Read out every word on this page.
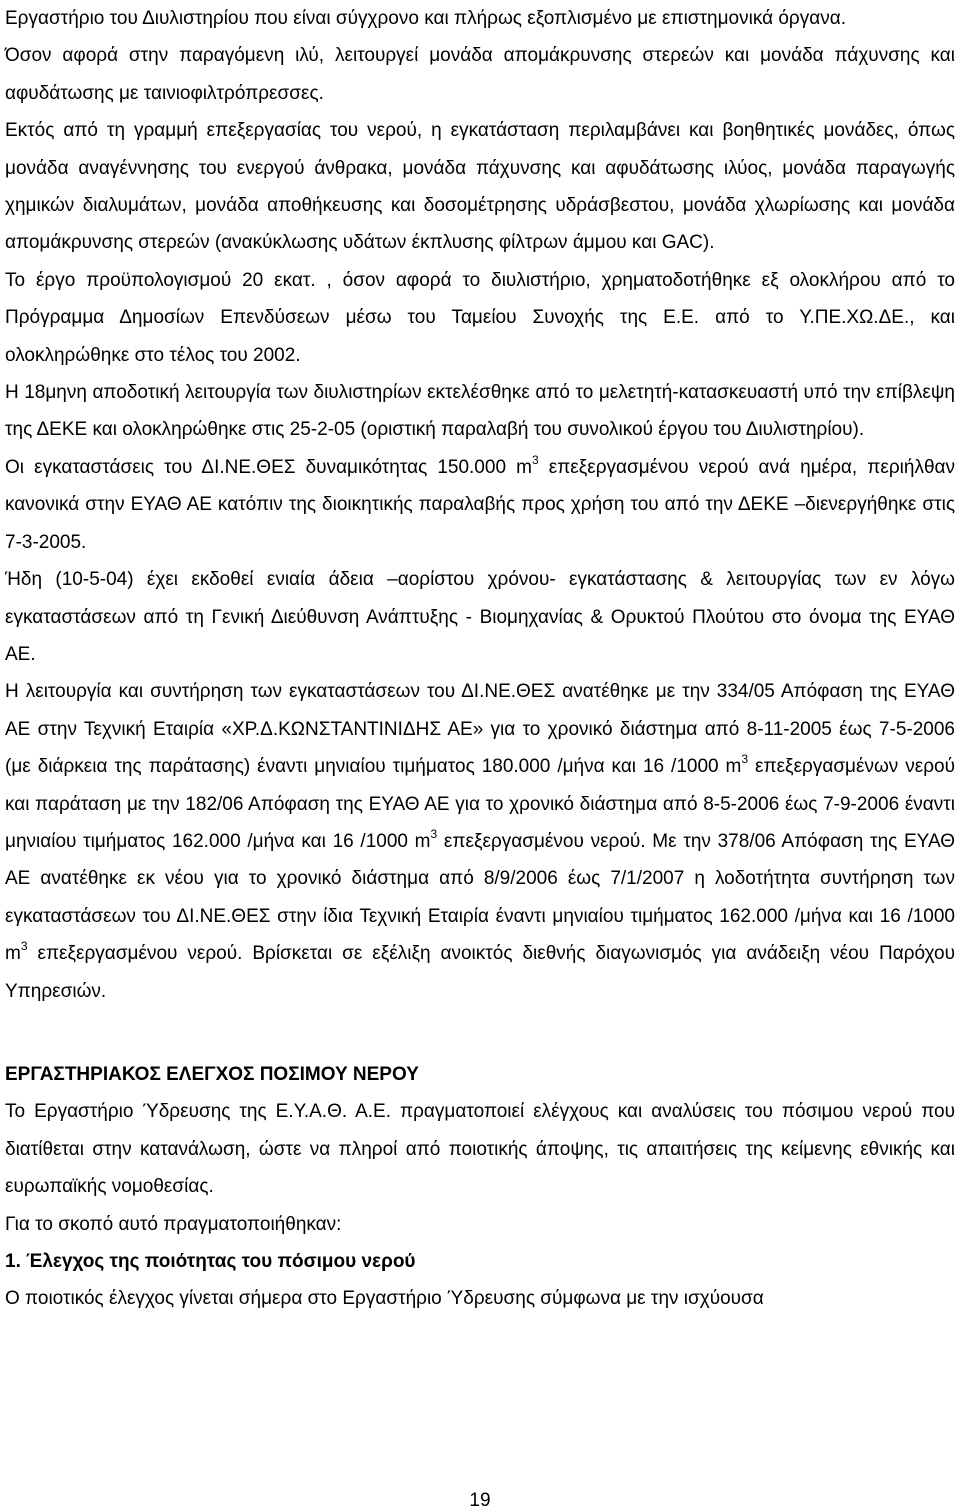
Εργαστήριο του Διυλιστηρίου που είναι σύγχρονο και πλήρως εξοπλισμένο με επιστημονικά όργανα.

Όσον αφορά στην παραγόμενη ιλύ, λειτουργεί μονάδα απομάκρυνσης στερεών και μονάδα πάχυνσης και αφυδάτωσης με ταινιοφιλτρόπρεσσες.

Εκτός από τη γραμμή επεξεργασίας του νερού, η εγκατάσταση περιλαμβάνει και βοηθητικές μονάδες, όπως μονάδα αναγέννησης του ενεργού άνθρακα, μονάδα πάχυνσης και αφυδάτωσης ιλύος, μονάδα παραγωγής χημικών διαλυμάτων, μονάδα αποθήκευσης και δοσομέτρησης υδράσβεστου, μονάδα χλωρίωσης και μονάδα απομάκρυνσης στερεών (ανακύκλωσης υδάτων έκπλυσης φίλτρων άμμου και GAC).

Το έργο προϋπολογισμού 20 εκατ. , όσον αφορά το διυλιστήριο, χρηματοδοτήθηκε εξ ολοκλήρου από το Πρόγραμμα Δημοσίων Επενδύσεων μέσω του Ταμείου Συνοχής της Ε.Ε. από το Υ.ΠΕ.ΧΩ.ΔΕ., και ολοκληρώθηκε στο τέλος του 2002.

Η 18μηνη αποδοτική λειτουργία των διυλιστηρίων εκτελέσθηκε από το μελετητή-κατασκευαστή υπό την επίβλεψη της ΔΕΚΕ και ολοκληρώθηκε στις 25-2-05 (οριστική παραλαβή του συνολικού έργου του Διυλιστηρίου).

Οι εγκαταστάσεις του ΔΙ.ΝΕ.ΘΕΣ δυναμικότητας 150.000 $m^3$ επεξεργασμένου νερού ανά ημέρα, περιήλθαν κανονικά στην ΕΥΑΘ ΑΕ κατόπιν της διοικητικής παραλαβής προς χρήση του από την ΔΕΚΕ –διενεργήθηκε στις 7-3-2005.

Ήδη (10-5-04) έχει εκδοθεί ενιαία άδεια –αορίστου χρόνου- εγκατάστασης & λειτουργίας των εν λόγω εγκαταστάσεων από τη Γενική Διεύθυνση Ανάπτυξης - Βιομηχανίας & Ορυκτού Πλούτου στο όνομα της ΕΥΑΘ ΑΕ.

Η λειτουργία και συντήρηση των εγκαταστάσεων του ΔΙ.ΝΕ.ΘΕΣ ανατέθηκε με την 334/05 Απόφαση της ΕΥΑΘ ΑΕ στην Τεχνική Εταιρία «ΧΡ.Δ.ΚΩΝΣΤΑΝΤΙΝΙΔΗΣ ΑΕ» για το χρονικό διάστημα από 8-11-2005 έως 7-5-2006 (με διάρκεια της παράτασης) έναντι μηνιαίου τιμήματος 180.000 /μήνα και 16 /1000 $m^3$ επεξεργασμένων νερού και παράταση με την 182/06 Απόφαση της ΕΥΑΘ ΑΕ για το χρονικό διάστημα από 8-5-2006 έως 7-9-2006 έναντι μηνιαίου τιμήματος 162.000 /μήνα και 16 /1000 $m^3$ επεξεργασμένου νερού. Με την 378/06 Απόφαση της ΕΥΑΘ ΑΕ ανατέθηκε εκ νέου για το χρονικό διάστημα από 8/9/2006 έως 7/1/2007 η λοδοτήτητα συντήρηση των εγκαταστάσεων του ΔΙ.ΝΕ.ΘΕΣ στην ίδια Τεχνική Εταιρία έναντι μηνιαίου τιμήματος 162.000 /μήνα και 16 /1000 $m^3$ επεξεργασμένου νερού. Βρίσκεται σε εξέλιξη ανοικτός διεθνής διαγωνισμός για ανάδειξη νέου Παρόχου Υπηρεσιών.

ΕΡΓΑΣΤΗΡΙΑΚΟΣ ΕΛΕΓΧΟΣ ΠΟΣΙΜΟΥ ΝΕΡΟΥ

Το Εργαστήριο Ύδρευσης της Ε.Υ.Α.Θ. Α.Ε. πραγματοποιεί ελέγχους και αναλύσεις του πόσιμου νερού που διατίθεται στην κατανάλωση, ώστε να πληροί από ποιοτικής άποψης, τις απαιτήσεις της κείμενης εθνικής και ευρωπαϊκής νομοθεσίας.

Για το σκοπό αυτό πραγματοποιήθηκαν:

1. Έλεγχος της ποιότητας του πόσιμου νερού

Ο ποιοτικός έλεγχος γίνεται σήμερα στο Εργαστήριο Ύδρευσης σύμφωνα με την ισχύουσα

19
